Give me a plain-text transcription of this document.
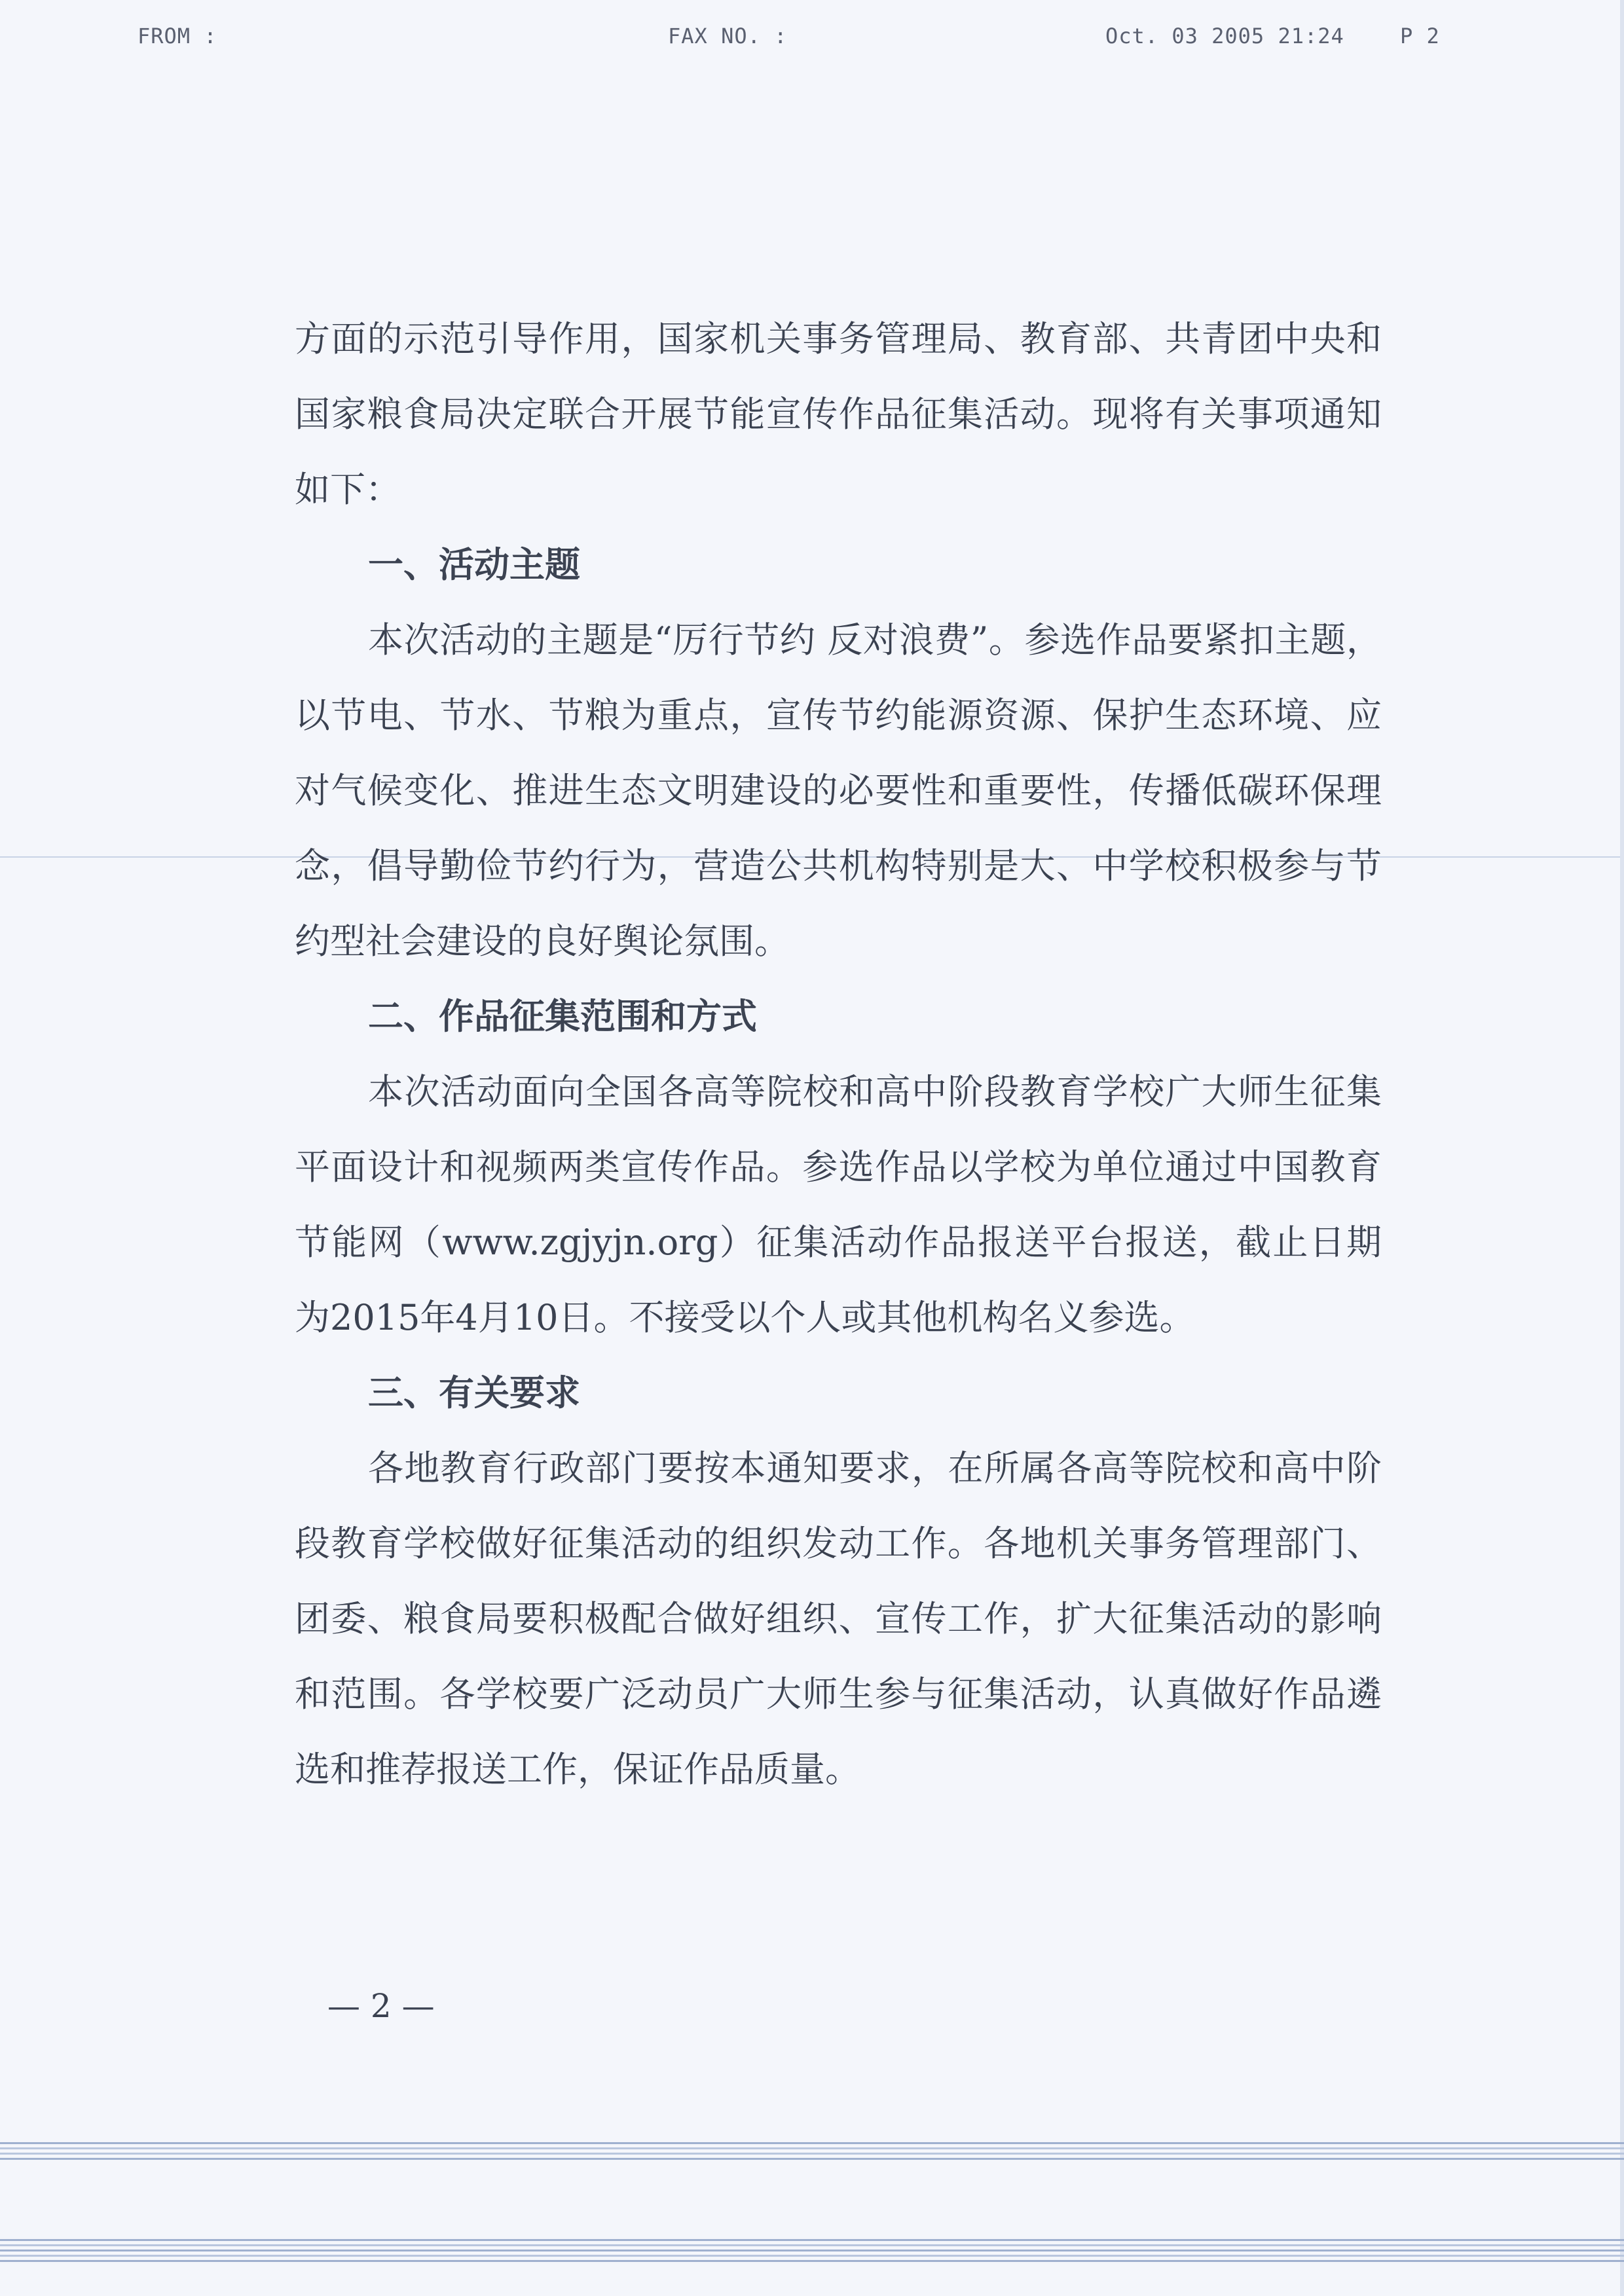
FROM :	FAX NO. :	Oct. 03 2005 21:24	P 2

方面的示范引导作用，国家机关事务管理局、教育部、共青团中央和国家粮食局决定联合开展节能宣传作品征集活动。现将有关事项通知如下：

一、活动主题

本次活动的主题是“厉行节约 反对浪费”。参选作品要紧扣主题，以节电、节水、节粮为重点，宣传节约能源资源、保护生态环境、应对气候变化、推进生态文明建设的必要性和重要性，传播低碳环保理念，倡导勤俭节约行为，营造公共机构特别是大、中学校积极参与节约型社会建设的良好舆论氛围。

二、作品征集范围和方式

本次活动面向全国各高等院校和高中阶段教育学校广大师生征集平面设计和视频两类宣传作品。参选作品以学校为单位通过中国教育节能网（www.zgjyjn.org）征集活动作品报送平台报送，截止日期为2015年4月10日。不接受以个人或其他机构名义参选。

三、有关要求

各地教育行政部门要按本通知要求，在所属各高等院校和高中阶段教育学校做好征集活动的组织发动工作。各地机关事务管理部门、团委、粮食局要积极配合做好组织、宣传工作，扩大征集活动的影响和范围。各学校要广泛动员广大师生参与征集活动，认真做好作品遴选和推荐报送工作，保证作品质量。

— 2 —
